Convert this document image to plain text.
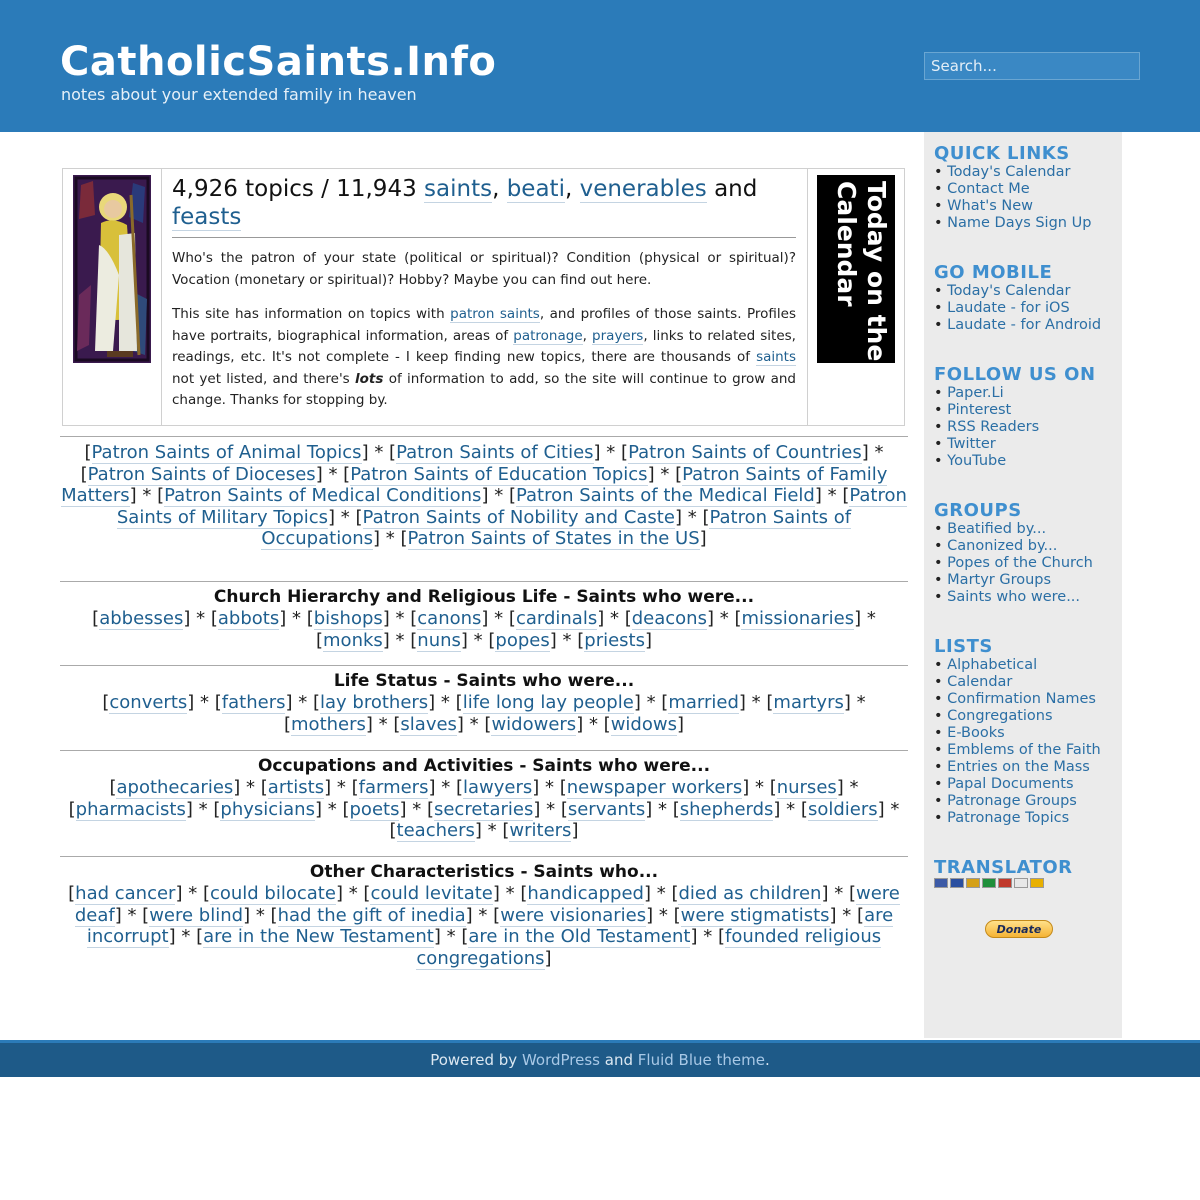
CatholicSaints.Info
notes about your extended family in heaven
Search...
4,926 topics / 11,943 saints, beati, venerables and feasts

Who's the patron of your state (political or spiritual)? Condition (physical or spiritual)? Vocation (monetary or spiritual)? Hobby? Maybe you can find out here.

This site has information on topics with patron saints, and profiles of those saints. Profiles have portraits, biographical information, areas of patronage, prayers, links to related sites, readings, etc. It's not complete - I keep finding new topics, there are thousands of saints not yet listed, and there's lots of information to add, so the site will continue to grow and change. Thanks for stopping by.

Today on the Calendar
[Patron Saints of Animal Topics] * [Patron Saints of Cities] * [Patron Saints of Countries] * [Patron Saints of Dioceses] * [Patron Saints of Education Topics] * [Patron Saints of Family Matters] * [Patron Saints of Medical Conditions] * [Patron Saints of the Medical Field] * [Patron Saints of Military Topics] * [Patron Saints of Nobility and Caste] * [Patron Saints of Occupations] * [Patron Saints of States in the US]
Church Hierarchy and Religious Life - Saints who were...
[abbesses] * [abbots] * [bishops] * [canons] * [cardinals] * [deacons] * [missionaries] * [monks] * [nuns] * [popes] * [priests]
Life Status - Saints who were...
[converts] * [fathers] * [lay brothers] * [life long lay people] * [married] * [martyrs] * [mothers] * [slaves] * [widowers] * [widows]
Occupations and Activities - Saints who were...
[apothecaries] * [artists] * [farmers] * [lawyers] * [newspaper workers] * [nurses] * [pharmacists] * [physicians] * [poets] * [secretaries] * [servants] * [shepherds] * [soldiers] * [teachers] * [writers]
Other Characteristics - Saints who...
[had cancer] * [could bilocate] * [could levitate] * [handicapped] * [died as children] * [were deaf] * [were blind] * [had the gift of inedia] * [were visionaries] * [were stigmatists] * [are incorrupt] * [are in the New Testament] * [are in the Old Testament] * [founded religious congregations]
QUICK LINKS
• Today's Calendar
• Contact Me
• What's New
• Name Days Sign Up
GO MOBILE
• Today's Calendar
• Laudate - for iOS
• Laudate - for Android
FOLLOW US ON
• Paper.Li
• Pinterest
• RSS Readers
• Twitter
• YouTube
GROUPS
• Beatified by...
• Canonized by...
• Popes of the Church
• Martyr Groups
• Saints who were...
LISTS
• Alphabetical
• Calendar
• Confirmation Names
• Congregations
• E-Books
• Emblems of the Faith
• Entries on the Mass
• Papal Documents
• Patronage Groups
• Patronage Topics
TRANSLATOR
Donate
Powered by WordPress and Fluid Blue theme.
